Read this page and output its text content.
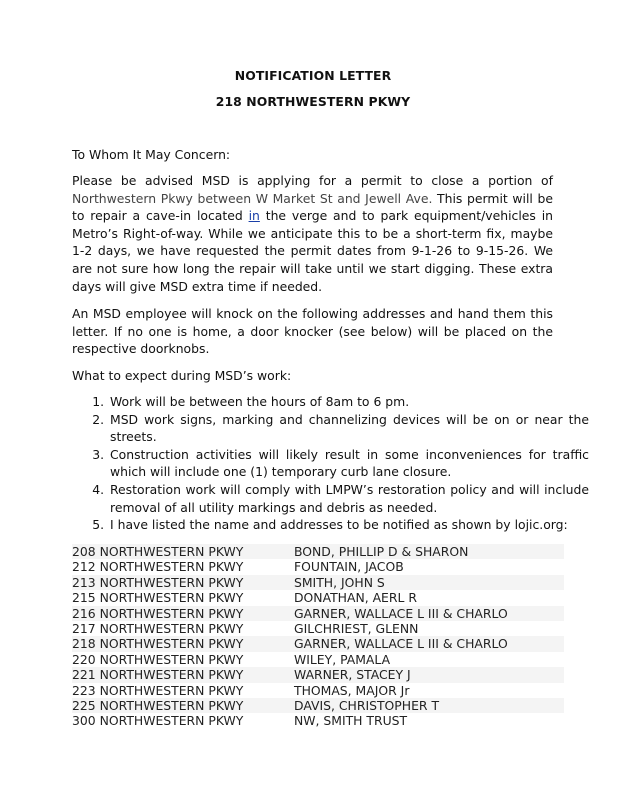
NOTIFICATION LETTER
218 NORTHWESTERN PKWY

To Whom It May Concern:

Please be advised MSD is applying for a permit to close a portion of Northwestern Pkwy between W Market St and Jewell Ave. This permit will be to repair a cave-in located in the verge and to park equipment/vehicles in Metro’s Right-of-way. While we anticipate this to be a short-term fix, maybe 1-2 days, we have requested the permit dates from 9-1-26 to 9-15-26. We are not sure how long the repair will take until we start digging. These extra days will give MSD extra time if needed.

An MSD employee will knock on the following addresses and hand them this letter. If no one is home, a door knocker (see below) will be placed on the respective doorknobs.

What to expect during MSD’s work:

1. Work will be between the hours of 8am to 6 pm.
2. MSD work signs, marking and channelizing devices will be on or near the streets.
3. Construction activities will likely result in some inconveniences for traffic which will include one (1) temporary curb lane closure.
4. Restoration work will comply with LMPW’s restoration policy and will include removal of all utility markings and debris as needed.
5. I have listed the name and addresses to be notified as shown by lojic.org:
208 NORTHWESTERN PKWY	BOND, PHILLIP D & SHARON
212 NORTHWESTERN PKWY	FOUNTAIN, JACOB
213 NORTHWESTERN PKWY	SMITH, JOHN S
215 NORTHWESTERN PKWY	DONATHAN, AERL R
216 NORTHWESTERN PKWY	GARNER, WALLACE L III & CHARLO
217 NORTHWESTERN PKWY	GILCHRIEST, GLENN
218 NORTHWESTERN PKWY	GARNER, WALLACE L III & CHARLO
220 NORTHWESTERN PKWY	WILEY, PAMALA
221 NORTHWESTERN PKWY	WARNER, STACEY J
223 NORTHWESTERN PKWY	THOMAS, MAJOR Jr
225 NORTHWESTERN PKWY	DAVIS, CHRISTOPHER T
300 NORTHWESTERN PKWY	NW, SMITH TRUST
